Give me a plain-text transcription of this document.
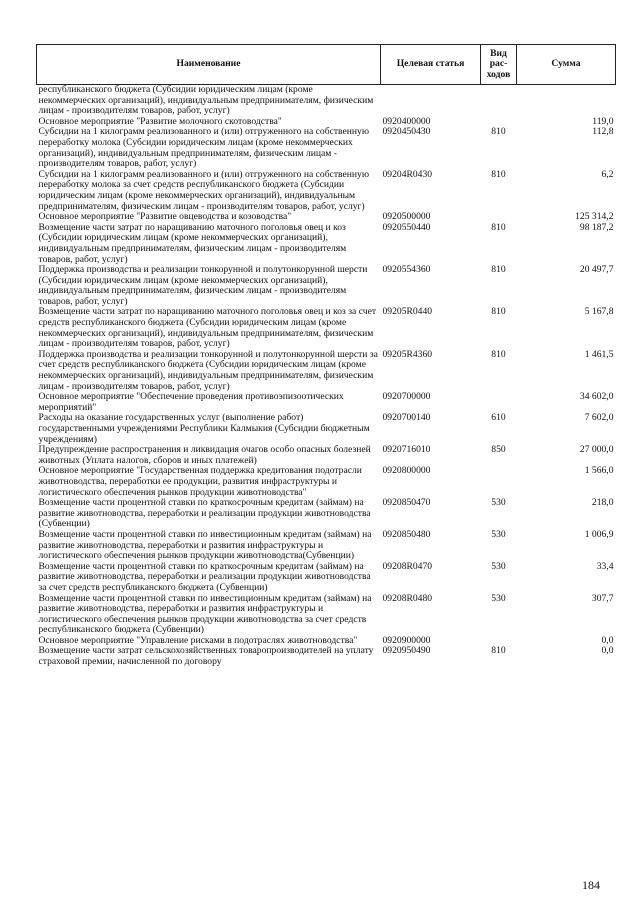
Наименование	Целевая статья	Вид рас-ходов	Сумма
республиканского бюджета (Субсидии юридическим лицам (кроме некоммерческих организаций), индивидуальным предпринимателям, физическим лицам - производителям товаров, работ, услуг)			
Основное мероприятие "Развитие молочного скотоводства"	0920400000		119,0
Субсидии на 1 килограмм реализованного и (или) отгруженного на собственную переработку молока (Субсидии юридическим лицам (кроме некоммерческих организаций), индивидуальным предпринимателям, физическим лицам - производителям товаров, работ, услуг)	0920450430	810	112,8
Субсидии на 1 килограмм реализованного и (или) отгруженного на собственную переработку молока за счет средств республиканского бюджета (Субсидии юридическим лицам (кроме некоммерческих организаций), индивидуальным предпринимателям, физическим лицам - производителям товаров, работ, услуг)	09204R0430	810	6,2
Основное мероприятие "Развитие овцеводства и козоводства"	0920500000		125 314,2
Возмещение части затрат по наращиванию маточного поголовья овец и коз (Субсидии юридическим лицам (кроме некоммерческих организаций), индивидуальным предпринимателям, физическим лицам - производителям товаров, работ, услуг)	0920550440	810	98 187,2
Поддержка производства и реализации тонкорунной и полутонкорунной шерсти (Субсидии юридическим лицам (кроме некоммерческих организаций), индивидуальным предпринимателям, физическим лицам - производителям товаров, работ, услуг)	0920554360	810	20 497,7
Возмещение части затрат по наращиванию маточного поголовья овец и коз за счет средств республиканского бюджета (Субсидии юридическим лицам (кроме некоммерческих организаций), индивидуальным предпринимателям, физическим лицам - производителям товаров, работ, услуг)	09205R0440	810	5 167,8
Поддержка производства и реализации тонкорунной и полутонкорунной шерсти за счет средств республиканского бюджета (Субсидии юридическим лицам (кроме некоммерческих организаций), индивидуальным предпринимателям, физическим лицам - производителям товаров, работ, услуг)	09205R4360	810	1 461,5
Основное мероприятие "Обеспечение проведения противоэпизоотических мероприятий"	0920700000		34 602,0
Расходы на оказание государственных услуг (выполнение работ) государственными учреждениями Республики Калмыкия (Субсидии бюджетным учреждениям)	0920700140	610	7 602,0
Предупреждение распространения и ликвидация очагов особо опасных болезней животных (Уплата налогов, сборов и иных платежей)	0920716010	850	27 000,0
Основное мероприятие "Государственная поддержка кредитования подотрасли животноводства, переработки ее продукции, развития инфраструктуры и логистического обеспечения рынков продукции животноводства"	0920800000		1 566,0
Возмещение части процентной ставки по краткосрочным кредитам (займам) на развитие животноводства, переработки и реализации продукции животноводства (Субвенции)	0920850470	530	218,0
Возмещение части процентной ставки по инвестиционным кредитам (займам) на развитие животноводства, переработки и развития инфраструктуры и логистического обеспечения рынков продукции животноводства(Субвенции)	0920850480	530	1 006,9
Возмещение части процентной ставки по краткосрочным кредитам (займам) на развитие животноводства, переработки и реализации продукции животноводства за счет средств республиканского бюджета (Субвенции)	09208R0470	530	33,4
Возмещение части процентной ставки по инвестиционным кредитам (займам) на развитие животноводства, переработки и развития инфраструктуры и логистического обеспечения рынков продукции животноводства за счет средств республиканского бюджета (Субвенции)	09208R0480	530	307,7
Основное мероприятие "Управление рисками в подотраслях животноводства"	0920900000		0,0
Возмещение части затрат сельскохозяйственных товаропроизводителей на уплату страховой премии, начисленной по договору	0920950490	810	0,0
184
